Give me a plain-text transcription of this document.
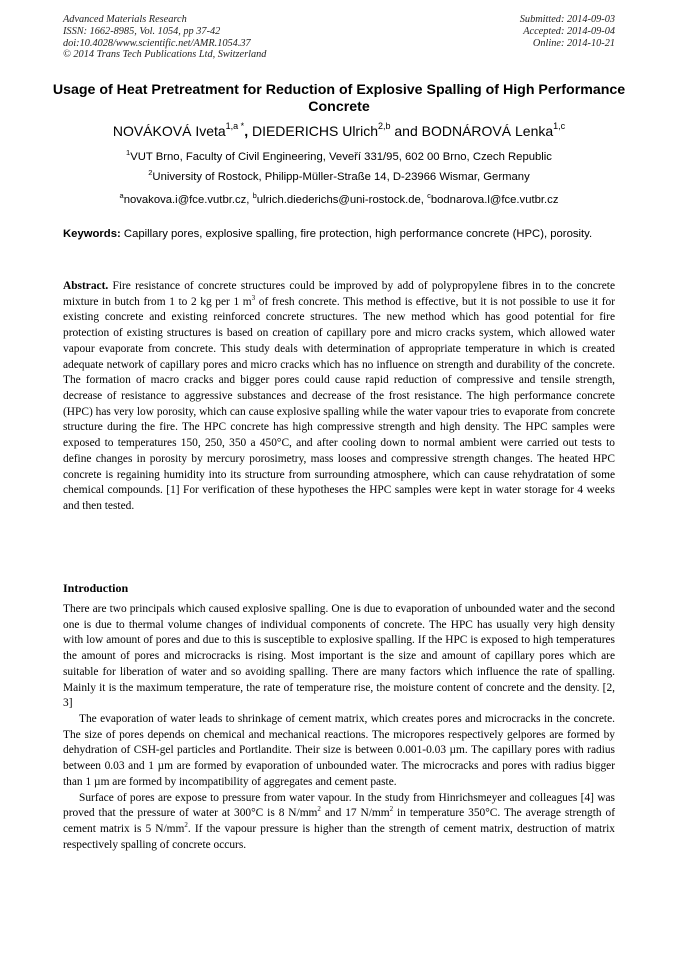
Advanced Materials Research
ISSN: 1662-8985, Vol. 1054, pp 37-42
doi:10.4028/www.scientific.net/AMR.1054.37
© 2014 Trans Tech Publications Ltd, Switzerland
Submitted: 2014-09-03
Accepted: 2014-09-04
Online: 2014-10-21
Usage of Heat Pretreatment for Reduction of Explosive Spalling of High Performance Concrete
NOVÁKOVÁ Iveta$^{1,a *}$, DIEDERICHS Ulrich$^{2,b}$ and BODNÁROVÁ Lenka$^{1,c}$
$^1$VUT Brno, Faculty of Civil Engineering, Veveří 331/95, 602 00 Brno, Czech Republic
$^2$University of Rostock, Philipp-Müller-Straße 14, D-23966 Wismar, Germany
$^a$novakova.i@fce.vutbr.cz, $^b$ulrich.diederichs@uni-rostock.de, $^c$bodnarova.l@fce.vutbr.cz
Keywords: Capillary pores, explosive spalling, fire protection, high performance concrete (HPC), porosity.

Abstract. Fire resistance of concrete structures could be improved by add of polypropylene fibres in to the concrete mixture in butch from 1 to 2 kg per 1 $m^3$ of fresh concrete. This method is effective, but it is not possible to use it for existing concrete and existing reinforced concrete structures. The new method which has good potential for fire protection of existing structures is based on creation of capillary pore and micro cracks system, which allowed water vapour evaporate from concrete. This study deals with determination of appropriate temperature in which is created adequate network of capillary pores and micro cracks which has no influence on strength and durability of the concrete. The formation of macro cracks and bigger pores could cause rapid reduction of compressive and tensile strength, decrease of resistance to aggressive substances and decrease of the frost resistance. The high performance concrete (HPC) has very low porosity, which can cause explosive spalling while the water vapour tries to evaporate from concrete structure during the fire. The HPC concrete has high compressive strength and high density. The HPC samples were exposed to temperatures 150, 250, 350 a 450°C, and after cooling down to normal ambient were carried out tests to define changes in porosity by mercury porosimetry, mass looses and compressive strength changes. The heated HPC concrete is regaining humidity into its structure from surrounding atmosphere, which can cause rehydratation of some chemical compounds. [1] For verification of these hypotheses the HPC samples were kept in water storage for 4 weeks and then tested.

Introduction

There are two principals which caused explosive spalling. One is due to evaporation of unbounded water and the second one is due to thermal volume changes of individual components of concrete. The HPC has usually very high density with low amount of pores and due to this is susceptible to explosive spalling. If the HPC is exposed to high temperatures the amount of pores and microcracks is rising. Most important is the size and amount of capillary pores which are suitable for liberation of water and so avoiding spalling. There are many factors which influence the rate of spalling. Mainly it is the maximum temperature, the rate of temperature rise, the moisture content of concrete and the density. [2, 3]

The evaporation of water leads to shrinkage of cement matrix, which creates pores and microcracks in the concrete. The size of pores depends on chemical and mechanical reactions. The micropores respectively gelpores are formed by dehydration of CSH-gel particles and Portlandite. Their size is between 0.001-0.03 µm. The capillary pores with radius between 0.03 and 1 µm are formed by evaporation of unbounded water. The microcracks and pores with radius bigger than 1 µm are formed by incompatibility of aggregates and cement paste.

Surface of pores are expose to pressure from water vapour. In the study from Hinrichsmeyer and colleagues [4] was proved that the pressure of water at 300°C is 8 $N/mm^2$ and 17 $N/mm^2$ in temperature 350°C. The average strength of cement matrix is 5 $N/mm^2$. If the vapour pressure is higher than the strength of cement matrix, destruction of matrix respectively spalling of concrete occurs.
